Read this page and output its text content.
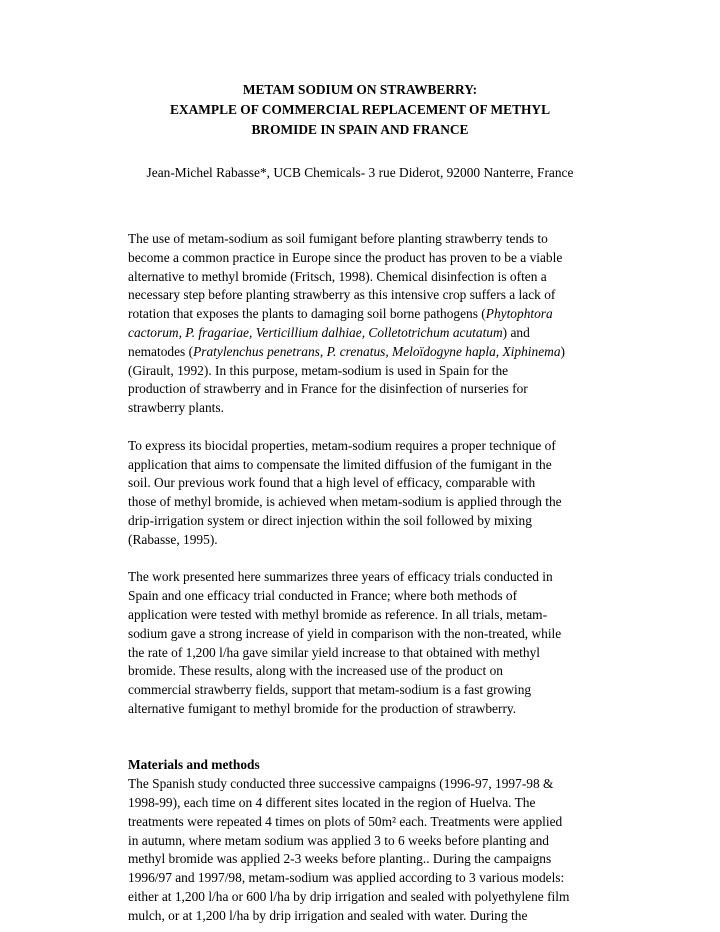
METAM SODIUM ON STRAWBERRY:
EXAMPLE OF COMMERCIAL REPLACEMENT OF METHYL
BROMIDE IN SPAIN AND FRANCE
Jean-Michel Rabasse*, UCB Chemicals- 3 rue Diderot, 92000 Nanterre, France
The use of metam-sodium as soil fumigant before planting strawberry tends to
become a common practice in Europe since the product has proven to be a viable
alternative to methyl bromide (Fritsch, 1998). Chemical disinfection is often a
necessary step before planting strawberry as this intensive crop suffers a lack of
rotation that exposes the plants to damaging soil borne pathogens (Phytophtora
cactorum, P. fragariae, Verticillium dalhiae, Colletotrichum acutatum) and
nematodes (Pratylenchus penetrans, P. crenatus, Meloïdogyne hapla, Xiphinema)
(Girault, 1992). In this purpose, metam-sodium is used in Spain for the
production of strawberry and in France for the disinfection of nurseries for
strawberry plants.
To express its biocidal properties, metam-sodium requires a proper technique of
application that aims to compensate the limited diffusion of the fumigant in the
soil. Our previous work found that a high level of efficacy, comparable with
those of methyl bromide, is achieved when metam-sodium is applied through the
drip-irrigation system or direct injection within the soil followed by mixing
(Rabasse, 1995).
The work presented here summarizes three years of efficacy trials conducted in
Spain and one efficacy trial conducted in France; where both methods of
application were tested with methyl bromide as reference. In all trials, metam-
sodium gave a strong increase of yield in comparison with the non-treated, while
the rate of 1,200 l/ha gave similar yield increase to that obtained with methyl
bromide. These results, along with the increased use of the product on
commercial strawberry fields, support that metam-sodium is a fast growing
alternative fumigant to methyl bromide for the production of strawberry.
Materials and methods
The Spanish study conducted three successive campaigns (1996-97, 1997-98 &
1998-99), each time on 4 different sites located in the region of Huelva. The
treatments were repeated 4 times on plots of 50m² each. Treatments were applied
in autumn, where metam sodium was applied 3 to 6 weeks before planting and
methyl bromide was applied 2-3 weeks before planting.. During the campaigns
1996/97 and 1997/98, metam-sodium was applied according to 3 various models:
either at 1,200 l/ha or 600 l/ha by drip irrigation and sealed with polyethylene film
mulch, or at 1,200 l/ha by drip irrigation and sealed with water. During the
